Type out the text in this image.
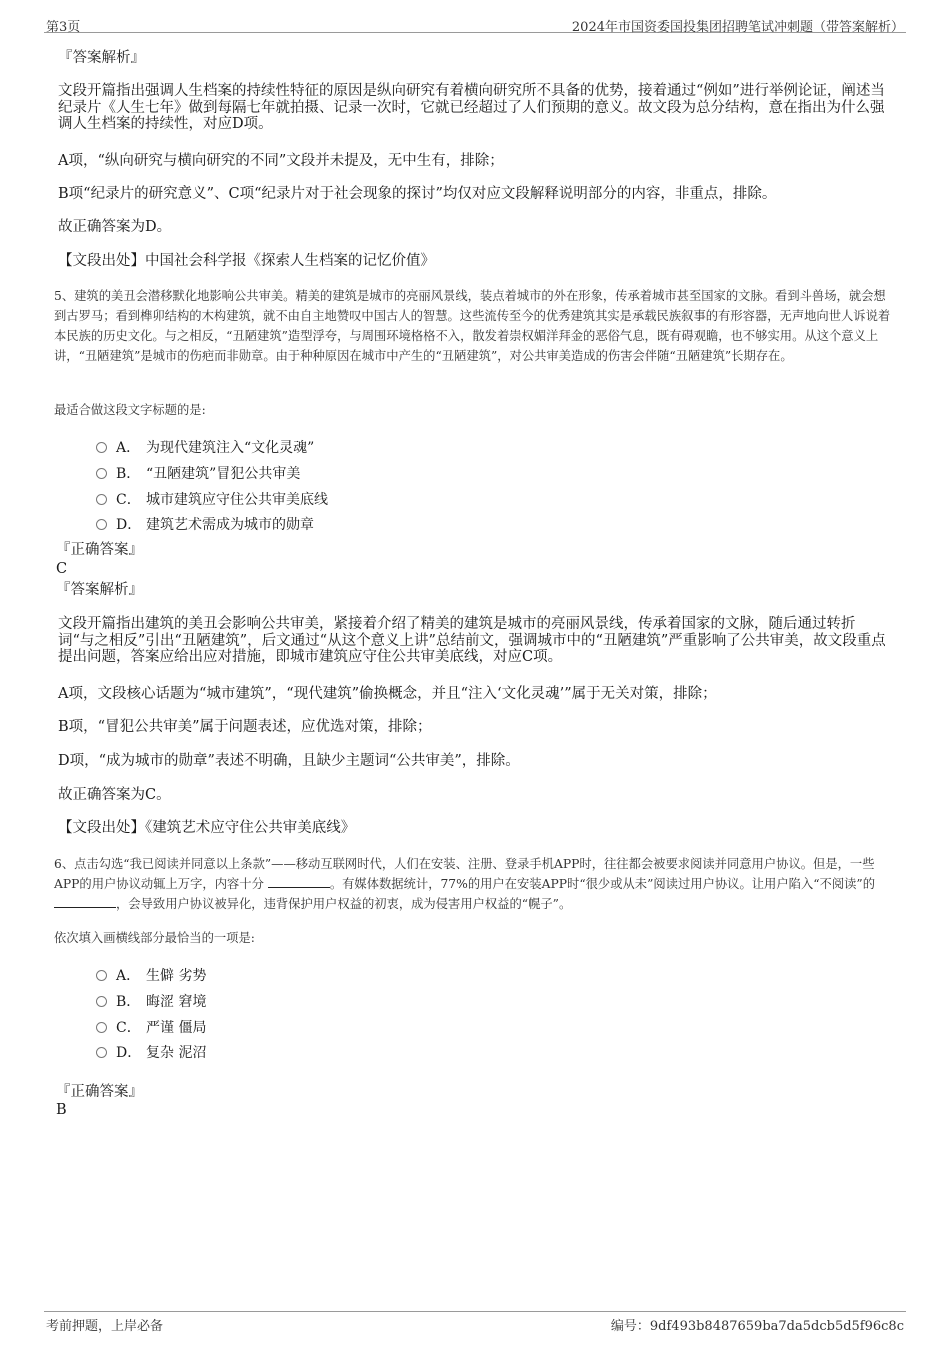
第3页	2024年市国资委国投集团招聘笔试冲刺题（带答案解析）
『答案解析』
文段开篇指出强调人生档案的持续性特征的原因是纵向研究有着横向研究所不具备的优势，接着通过“例如”进行举例论证，阐述当纪录片《人生七年》做到每隔七年就拍摄、记录一次时，它就已经超过了人们预期的意义。故文段为总分结构，意在指出为什么强调人生档案的持续性，对应D项。
A项，“纵向研究与横向研究的不同”文段并未提及，无中生有，排除；
B项“纪录片的研究意义”、C项“纪录片对于社会现象的探讨”均仅对应文段解释说明部分的内容，非重点，排除。
故正确答案为D。
【文段出处】中国社会科学报《探索人生档案的记忆价值》
5、建筑的美丑会潜移默化地影响公共审美。精美的建筑是城市的亮丽风景线，装点着城市的外在形象，传承着城市甚至国家的文脉。看到斗兽场，就会想到古罗马；看到榫卯结构的木构建筑，就不由自主地赞叹中国古人的智慧。这些流传至今的优秀建筑其实是承载民族叙事的有形容器，无声地向世人诉说着本民族的历史文化。与之相反，“丑陋建筑”造型浮夸，与周围环境格格不入，散发着崇权媚洋拜金的恶俗气息，既有碍观瞻，也不够实用。从这个意义上讲，“丑陋建筑”是城市的伤疤而非勋章。由于种种原因在城市中产生的“丑陋建筑”，对公共审美造成的伤害会伴随“丑陋建筑”长期存在。
最适合做这段文字标题的是:
A． 为现代建筑注入“文化灵魂”
B． “丑陋建筑”冒犯公共审美
C． 城市建筑应守住公共审美底线
D． 建筑艺术需成为城市的勋章
『正确答案』
C
『答案解析』
文段开篇指出建筑的美丑会影响公共审美，紧接着介绍了精美的建筑是城市的亮丽风景线，传承着国家的文脉，随后通过转折词“与之相反”引出“丑陋建筑”，后文通过“从这个意义上讲”总结前文，强调城市中的“丑陋建筑”严重影响了公共审美，故文段重点提出问题，答案应给出应对措施，即城市建筑应守住公共审美底线，对应C项。
A项，文段核心话题为“城市建筑”，“现代建筑”偷换概念，并且“注入‘文化灵魂’”属于无关对策，排除；
B项，“冒犯公共审美”属于问题表述，应优选对策，排除；
D项，“成为城市的勋章”表述不明确，且缺少主题词“公共审美”，排除。
故正确答案为C。
【文段出处】《建筑艺术应守住公共审美底线》
6、点击勾选“我已阅读并同意以上条款”——移动互联网时代，人们在安装、注册、登录手机APP时，往往都会被要求阅读并同意用户协议。但是，一些APP的用户协议动辄上万字，内容十分	。有媒体数据统计，77%的用户在安装APP时“很少或从未”阅读过用户协议。让用户陷入“不阅读”的 ，会导致用户协议被异化，违背保护用户权益的初衷，成为侵害用户权益的“幌子”。
依次填入画横线部分最恰当的一项是:
A． 生僻 劣势
B． 晦涩 窘境
C． 严谨 僵局
D． 复杂 泥沼
『正确答案』
B
考前押题，上岸必备	编号：9df493b8487659ba7da5dcb5d5f96c8c
